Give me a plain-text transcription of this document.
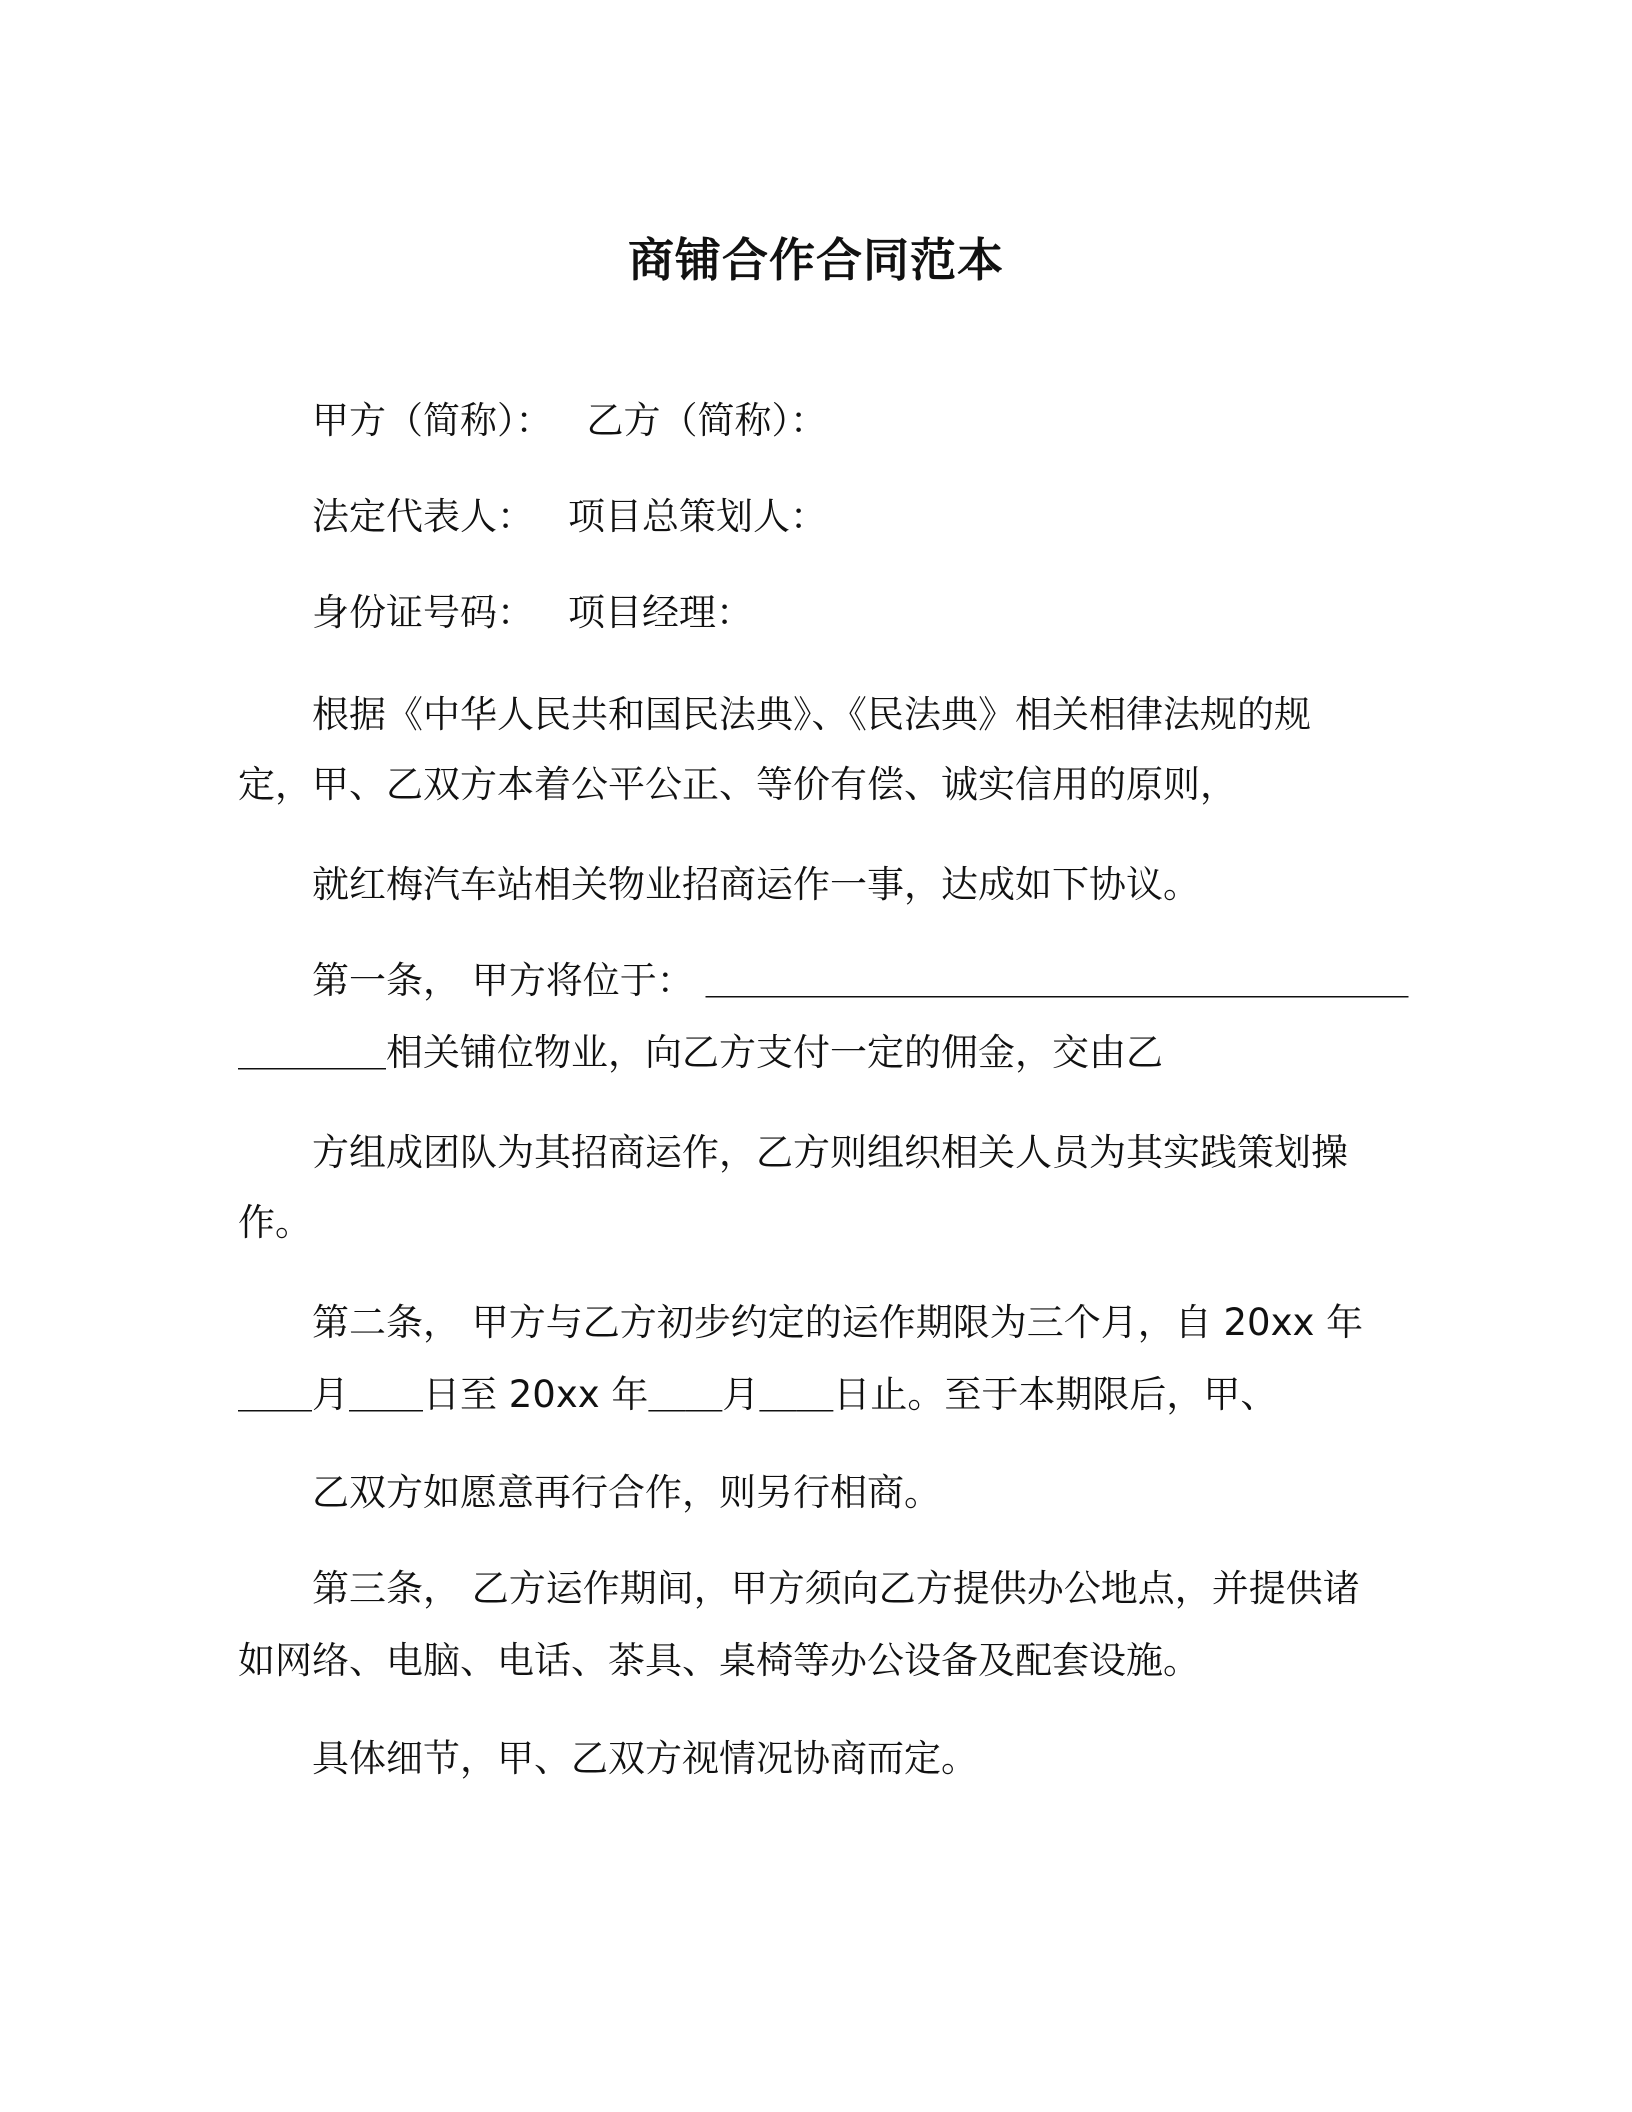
商铺合作合同范本
甲方（简称）： 乙方（简称）：
法定代表人： 项目总策划人：
身份证号码： 项目经理：
根据《中华人民共和国民法典》、《民法典》相关相律法规的规
定，甲、乙双方本着公平公正、等价有偿、诚实信用的原则，
就红梅汽车站相关物业招商运作一事，达成如下协议。
第一条， 甲方将位于： ＿＿＿＿＿＿＿＿＿＿＿＿＿＿＿＿＿＿＿
＿＿＿＿相关铺位物业，向乙方支付一定的佣金，交由乙
方组成团队为其招商运作，乙方则组织相关人员为其实践策划操
作。
第二条， 甲方与乙方初步约定的运作期限为三个月，自 20xx 年
＿＿月＿＿日至 20xx 年＿＿月＿＿日止。至于本期限后，甲、
乙双方如愿意再行合作，则另行相商。
第三条， 乙方运作期间，甲方须向乙方提供办公地点，并提供诸
如网络、电脑、电话、茶具、桌椅等办公设备及配套设施。
具体细节，甲、乙双方视情况协商而定。
